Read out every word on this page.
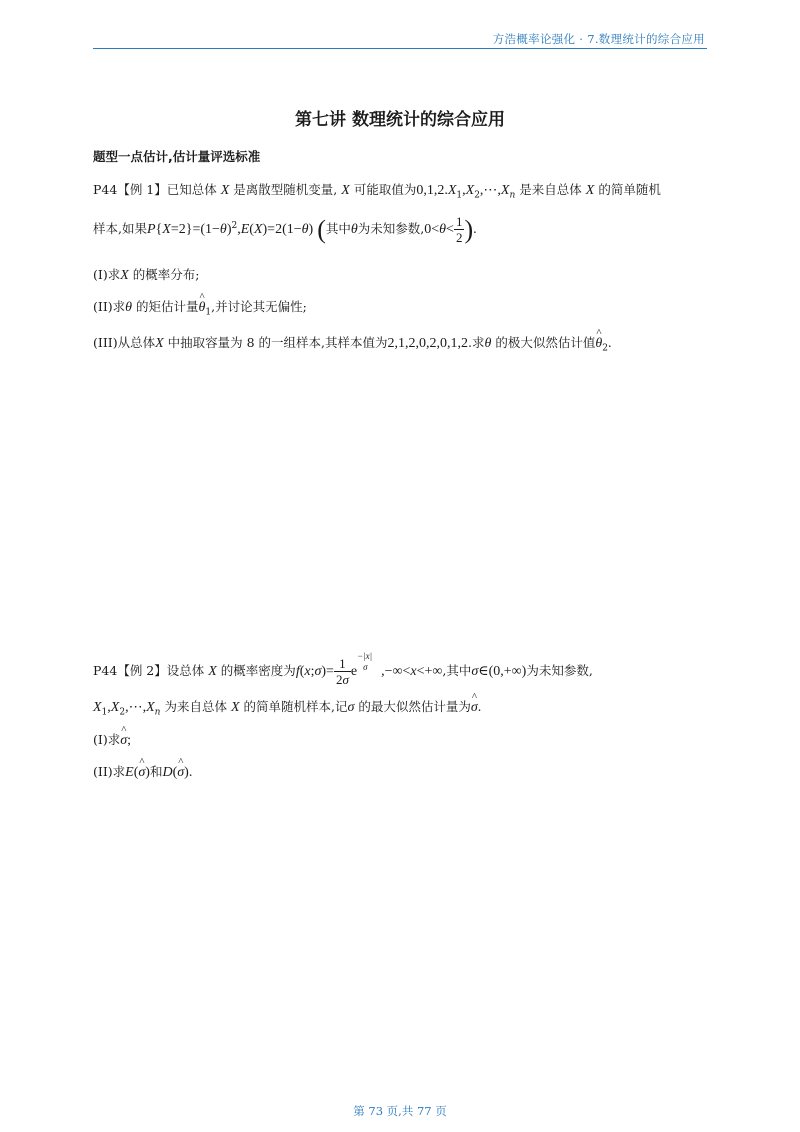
方浩概率论强化 · 7.数理统计的综合应用
第七讲 数理统计的综合应用
题型一点估计,估计量评选标准
P44【例 1】已知总体 X 是离散型随机变量, X 可能取值为$0,1,2.X_1,X_2,\cdots,X_n$ 是来自总体 X 的简单随机
样本,如果$P\{X=2\}=(1-\theta)^2,E(X)=2(1-\theta)$ (其中θ为未知参数$,0<\theta< \frac{1}{2}$ ).
(I)求X 的概率分布;
(II)求θ 的矩估计量^ $\theta_1$,并讨论其无偏性;
(III)从总体X 中抽取容量为 8 的一组样本,其样本值为2,1,2,0,2,0,1,2.求θ 的极大似然估计值^ $\theta_2$.
P44【例 2】设总体 X 的概率密度为f(x;σ)= $\frac{1}{2\sigma}$ e
−|x|
σ ,−∞<x<+∞,其中σ∈(0,+∞)为未知参数,
$X_1,X_2,\cdots,X_n$ 为来自总体 X 的简单随机样本,记σ 的最大似然估计量为^ σ.
(I)求^ σ;
(II)求E(^ σ)和D(^ σ).
第 73 页,共 77 页
